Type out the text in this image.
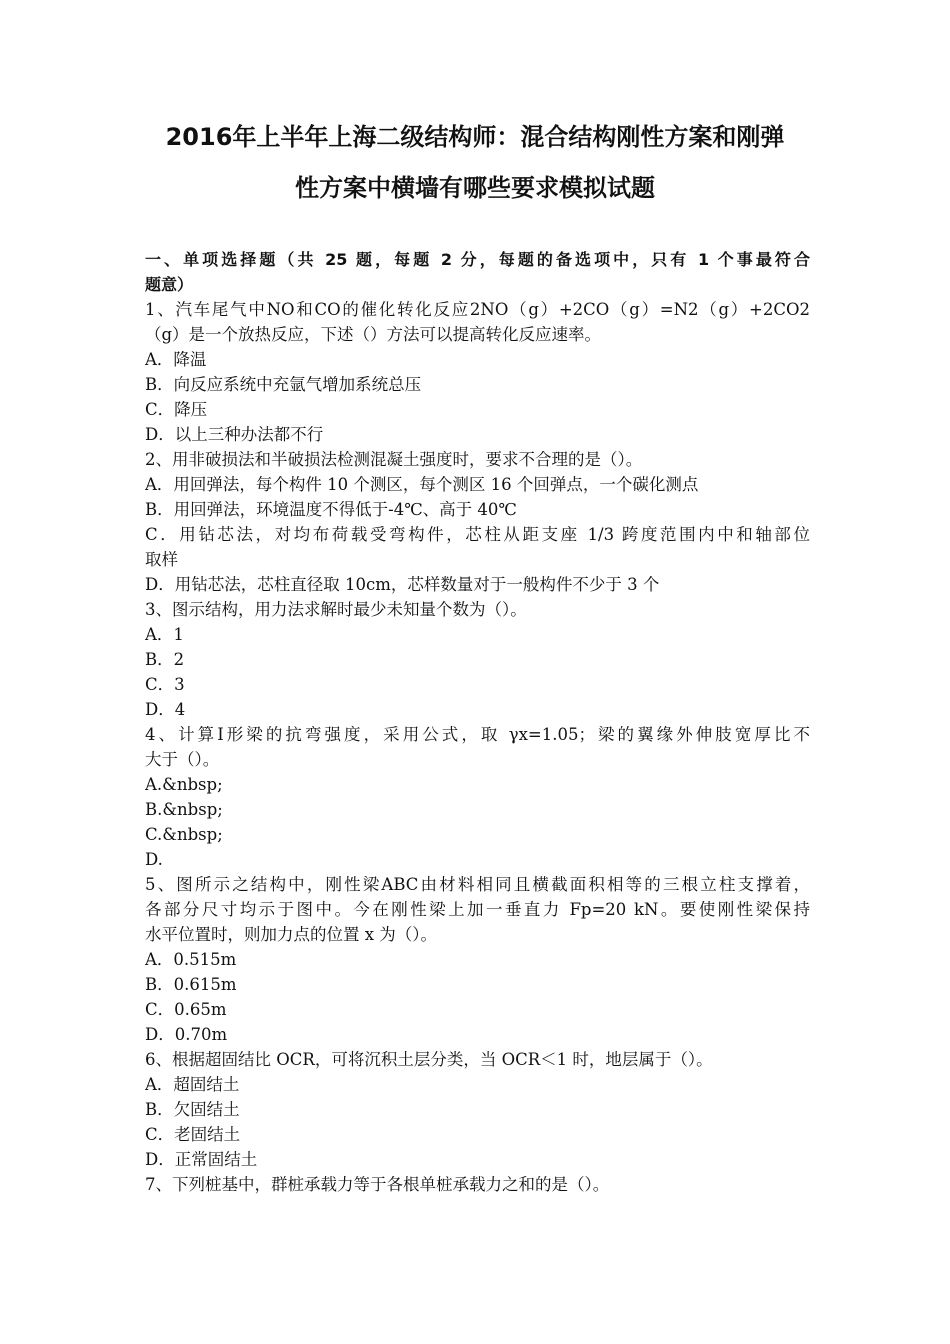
2016年上半年上海二级结构师：混合结构刚性方案和刚弹
性方案中横墙有哪些要求模拟试题
一、单项选择题（共 25 题，每题 2 分，每题的备选项中，只有 1 个事最符合
题意）
1、汽车尾气中NO和CO的催化转化反应2NO（g）+2CO（g）=N2（g）+2CO2
（g）是一个放热反应，下述（）方法可以提高转化反应速率。
A．降温
B．向反应系统中充氩气增加系统总压
C．降压
D．以上三种办法都不行
2、用非破损法和半破损法检测混凝土强度时，要求不合理的是（）。
A．用回弹法，每个构件 10 个测区，每个测区 16 个回弹点，一个碳化测点
B．用回弹法，环境温度不得低于-4℃、高于 40℃
C．用钻芯法，对均布荷载受弯构件，芯柱从距支座 1/3 跨度范围内中和轴部位
取样
D．用钻芯法，芯柱直径取 10cm，芯样数量对于一般构件不少于 3 个
3、图示结构，用力法求解时最少未知量个数为（）。
A．1
B．2
C．3
D．4
4、计算Ⅰ形梁的抗弯强度，采用公式，取 γx=1.05；梁的翼缘外伸肢宽厚比不
大于（）。
A.&nbsp;
B.&nbsp;
C.&nbsp;
D.
5、图所示之结构中，刚性梁ABC由材料相同且横截面积相等的三根立柱支撑着，
各部分尺寸均示于图中。今在刚性梁上加一垂直力 Fp=20 kN。要使刚性梁保持
水平位置时，则加力点的位置 x 为（）。
A．0.515m
B．0.615m
C．0.65m
D．0.70m
6、根据超固结比 OCR，可将沉积土层分类，当 OCR＜1 时，地层属于（）。
A．超固结土
B．欠固结土
C．老固结土
D．正常固结土
7、下列桩基中，群桩承载力等于各根单桩承载力之和的是（）。
